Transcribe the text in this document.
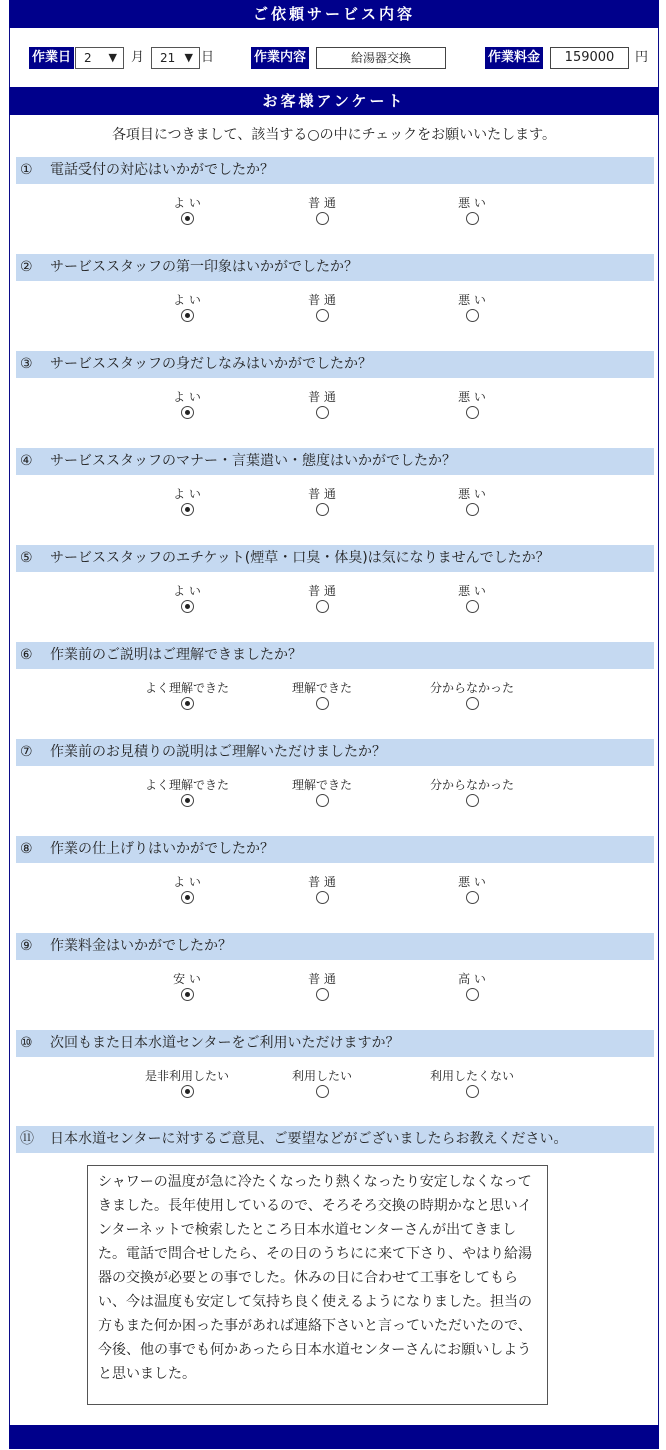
ご依頼サービス内容
作業日	2 ▼ 月	21 ▼ 日	作業内容	給湯器交換	作業料金	159000	円
お客様アンケート
各項目につきまして、該当する○の中にチェックをお願いいたします。
① 電話受付の対応はいかがでしたか？
よ い	普 通	悪 い
② サービススタッフの第一印象はいかがでしたか？
よ い	普 通	悪 い
③ サービススタッフの身だしなみはいかがでしたか？
よ い	普 通	悪 い
④ サービススタッフのマナー・言葉遣い・態度はいかがでしたか？
よ い	普 通	悪 い
⑤ サービススタッフのエチケット(煙草・口臭・体臭)は気になりませんでしたか？
よ い	普 通	悪 い
⑥ 作業前のご説明はご理解できましたか？
よく理解できた	理解できた	分からなかった
⑦ 作業前のお見積りの説明はご理解いただけましたか？
よく理解できた	理解できた	分からなかった
⑧ 作業の仕上げりはいかがでしたか？
よ い	普 通	悪 い
⑨ 作業料金はいかがでしたか？
安 い	普 通	高 い
⑩ 次回もまた日本水道センターをご利用いただけますか？
是非利用したい	利用したい	利用したくない
⑪ 日本水道センターに対するご意見、ご要望などがございましたらお教えください。
シャワーの温度が急に冷たくなったり熱くなったり安定しなくなってきました。長年使用しているので、そろそろ交換の時期かなと思いインターネットで検索したところ日本水道センターさんが出てきました。電話で問合せしたら、その日のうちにに来て下さり、やはり給湯器の交換が必要との事でした。休みの日に合わせて工事をしてもらい、今は温度も安定して気持ち良く使えるようになりました。担当の方もまた何か困った事があれば連絡下さいと言っていただいたので、今後、他の事でも何かあったら日本水道センターさんにお願いしようと思いました。
